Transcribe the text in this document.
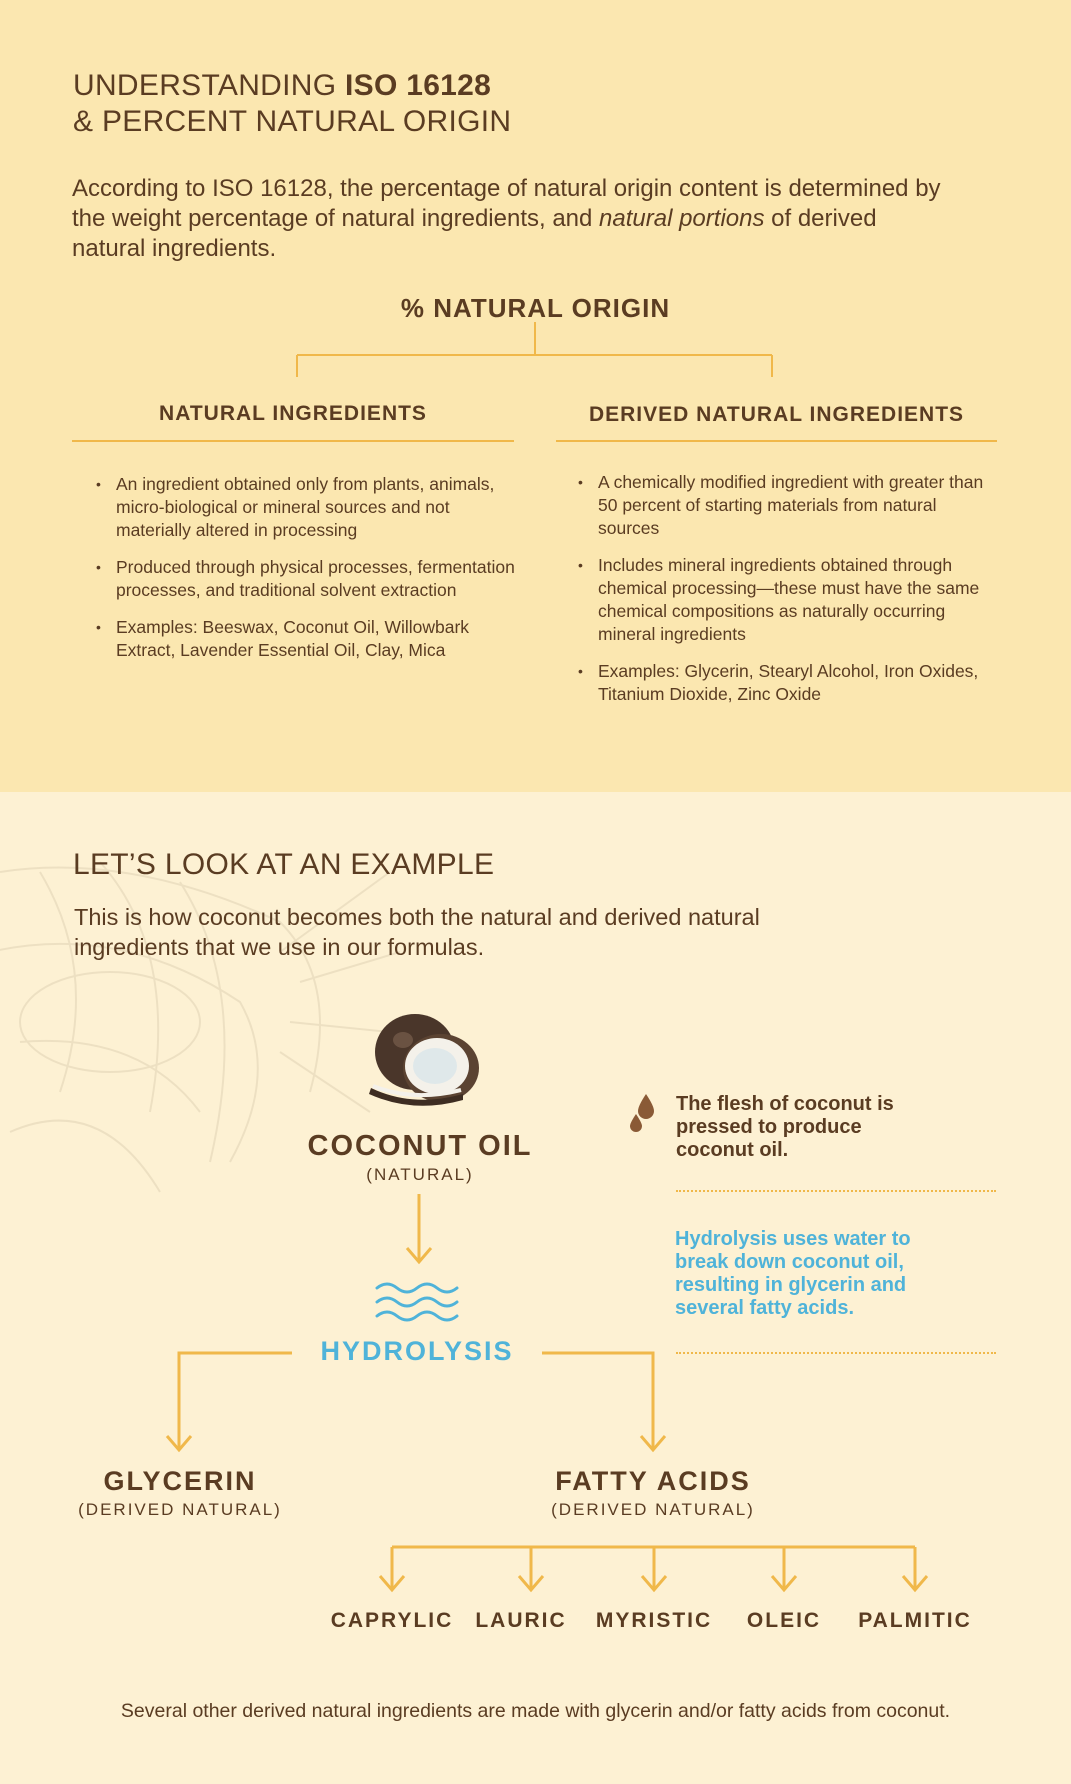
UNDERSTANDING ISO 16128
& PERCENT NATURAL ORIGIN
According to ISO 16128, the percentage of natural origin content is determined by the weight percentage of natural ingredients, and natural portions of derived natural ingredients.
% NATURAL ORIGIN
NATURAL INGREDIENTS
• An ingredient obtained only from plants, animals, micro-biological or mineral sources and not materially altered in processing
• Produced through physical processes, fermentation processes, and traditional solvent extraction
• Examples: Beeswax, Coconut Oil, Willowbark Extract, Lavender Essential Oil, Clay, Mica
DERIVED NATURAL INGREDIENTS
• A chemically modified ingredient with greater than 50 percent of starting materials from natural sources
• Includes mineral ingredients obtained through chemical processing—these must have the same chemical compositions as naturally occurring mineral ingredients
• Examples: Glycerin, Stearyl Alcohol, Iron Oxides, Titanium Dioxide, Zinc Oxide
LET’S LOOK AT AN EXAMPLE
This is how coconut becomes both the natural and derived natural ingredients that we use in our formulas.
COCONUT OIL
(NATURAL)
HYDROLYSIS
GLYCERIN
(DERIVED NATURAL)
FATTY ACIDS
(DERIVED NATURAL)
CAPRYLIC	LAURIC	MYRISTIC	OLEIC	PALMITIC
The flesh of coconut is pressed to produce coconut oil.
Hydrolysis uses water to break down coconut oil, resulting in glycerin and several fatty acids.
Several other derived natural ingredients are made with glycerin and/or fatty acids from coconut.
